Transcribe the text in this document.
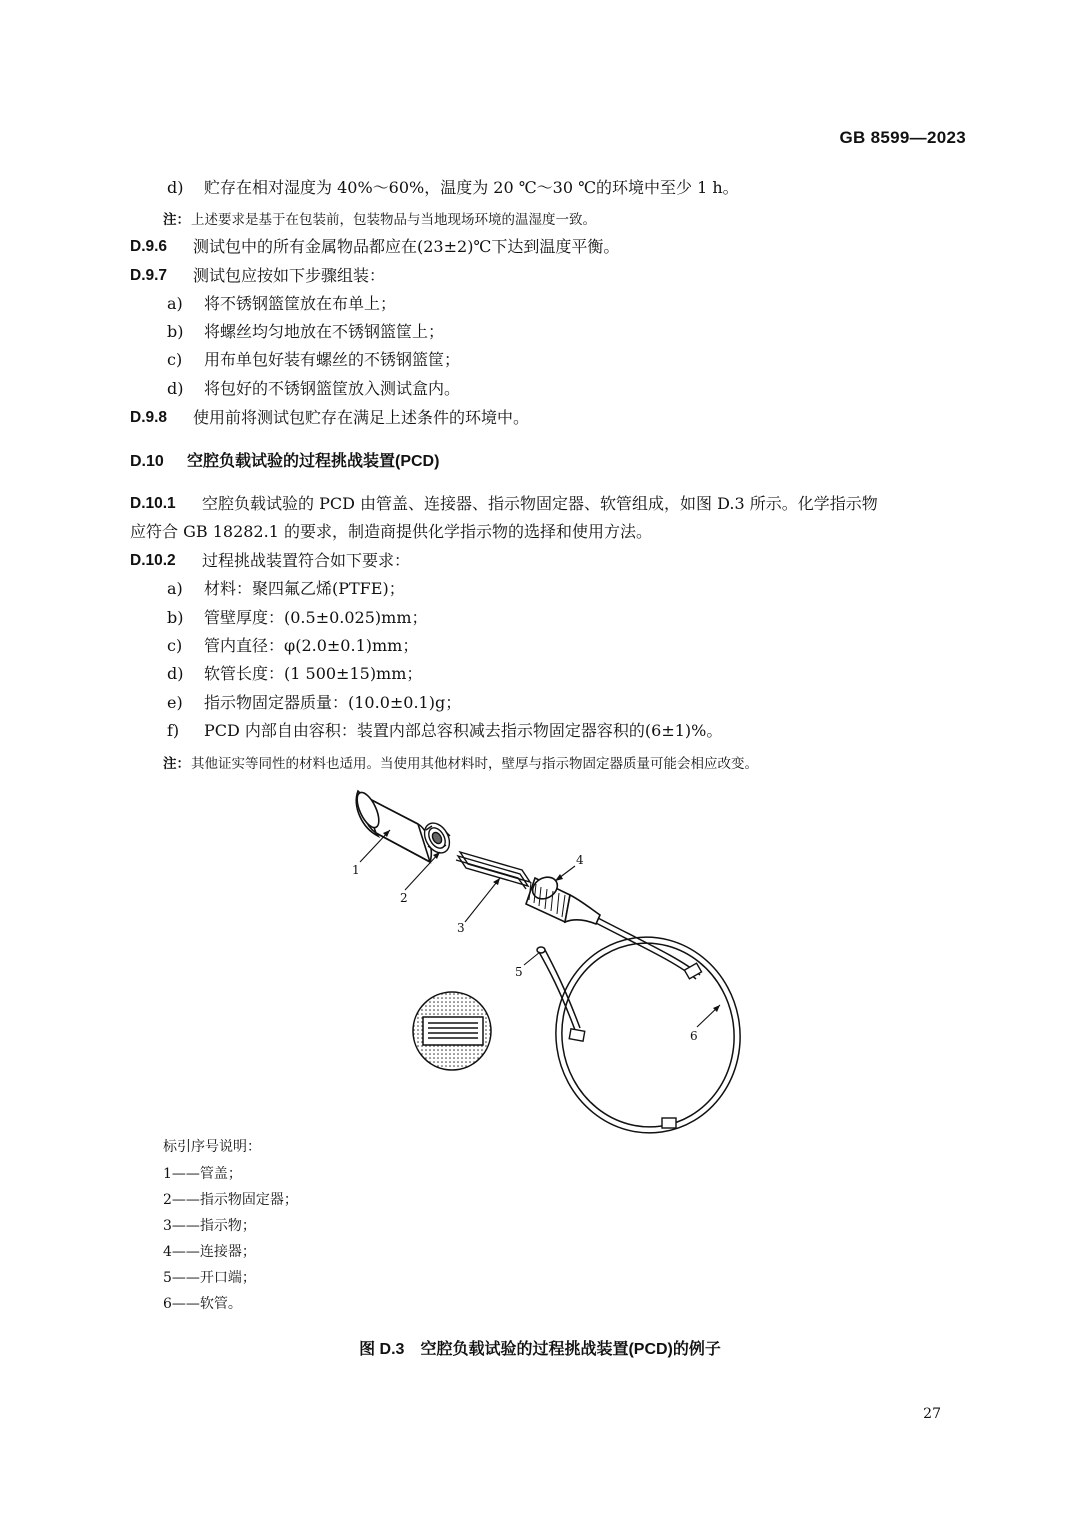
GB 8599—2023
d) 贮存在相对湿度为 40%～60%，温度为 20 ℃～30 ℃的环境中至少 1 h。
注： 上述要求是基于在包装前，包装物品与当地现场环境的温湿度一致。
D.9.6 测试包中的所有金属物品都应在(23±2)℃下达到温度平衡。
D.9.7 测试包应按如下步骤组装：
a) 将不锈钢篮筐放在布单上；
b) 将螺丝均匀地放在不锈钢篮筐上；
c) 用布单包好装有螺丝的不锈钢篮筐；
d) 将包好的不锈钢篮筐放入测试盒内。
D.9.8 使用前将测试包贮存在满足上述条件的环境中。
D.10 空腔负载试验的过程挑战装置(PCD)
D.10.1 空腔负载试验的 PCD 由管盖、连接器、指示物固定器、软管组成，如图 D.3 所示。化学指示物
应符合 GB 18282.1 的要求，制造商提供化学指示物的选择和使用方法。
D.10.2 过程挑战装置符合如下要求：
a) 材料：聚四氟乙烯(PTFE)；
b) 管壁厚度：(0.5±0.025)mm；
c) 管内直径：φ(2.0±0.1)mm；
d) 软管长度：(1 500±15)mm；
e) 指示物固定器质量：(10.0±0.1)g；
f) PCD 内部自由容积：装置内部总容积减去指示物固定器容积的(6±1)%。
注： 其他证实等同性的材料也适用。当使用其他材料时，壁厚与指示物固定器质量可能会相应改变。
1
2
3
4
5
6
标引序号说明：
1——管盖；
2——指示物固定器；
3——指示物；
4——连接器；
5——开口端；
6——软管。
图 D.3　空腔负载试验的过程挑战装置(PCD)的例子
27
